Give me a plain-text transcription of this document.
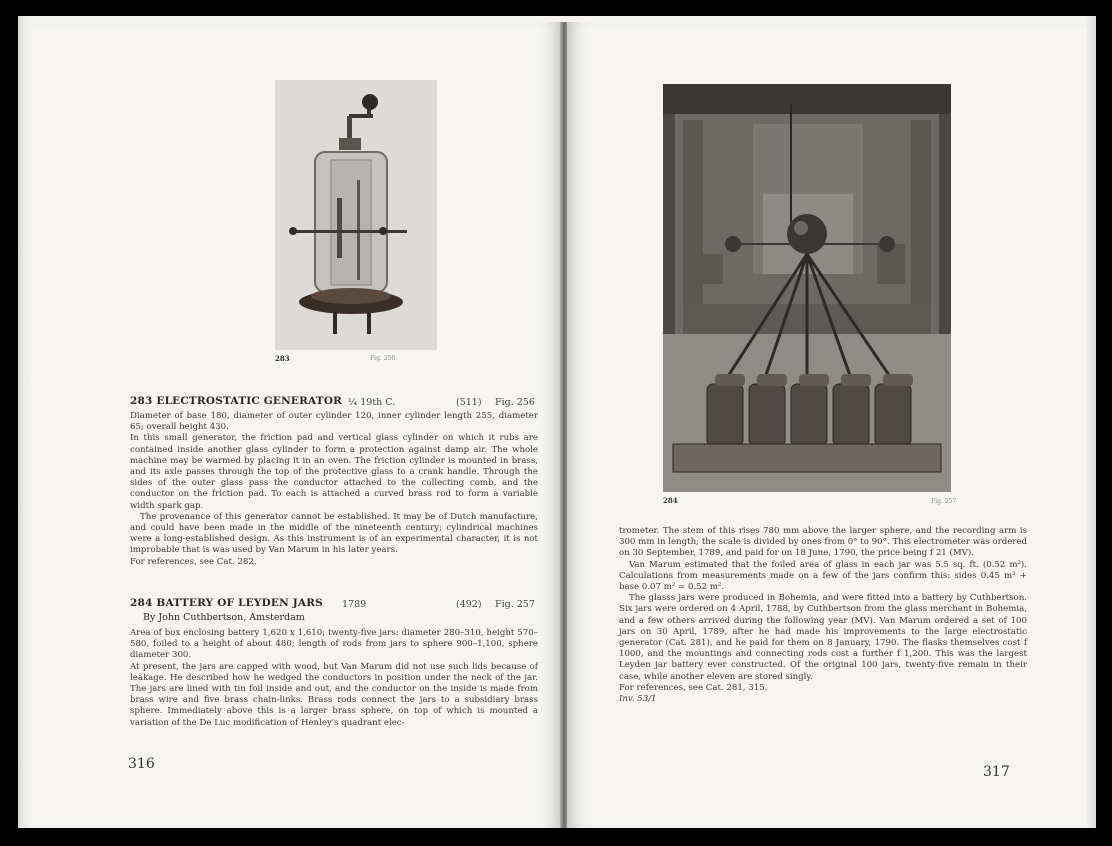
283	Fig. 256
283 ELECTROSTATIC GENERATOR ¼ 19th C.	(511) Fig. 256

Diameter of base 180, diameter of outer cylinder 120, inner cylinder length 255, diameter 65; overall height 430.

In this small generator, the friction pad and vertical glass cylinder on which it rubs are contained inside another glass cylinder to form a protection against damp air. The whole machine may be warmed by placing it in an oven. The friction cylinder is mounted in brass, and its axle passes through the top of the protective glass to a crank handle. Through the sides of the outer glass pass the conductor attached to the collecting comb, and the conductor on the friction pad. To each is attached a curved brass rod to form a variable width spark gap.

The provenance of this generator cannot be established. It may be of Dutch manufacture, and could have been made in the middle of the nineteenth century; cylindrical machines were a long-established design. As this instrument is of an experimental character, it is not improbable that is was used by Van Marum in his later years.

For references, see Cat. 282.

284 BATTERY OF LEYDEN JARS 1789	(492) Fig. 257
By John Cuthbertson, Amsterdam

Area of box enclosing battery 1,620 x 1,610; twenty-five jars: diameter 280–310, height 570–580, foiled to a height of about 480; length of rods from jars to sphere 900–1,100, sphere diameter 300.

At present, the jars are capped with wood, but Van Marum did not use such lids because of leakage. He described how he wedged the conductors in position under the neck of the jar. The jars are lined with tin foil inside and out, and the conductor on the inside is made from brass wire and five brass chain-links. Brass rods connect the jars to a subsidiary brass sphere. Immediately above this is a larger brass sphere, on top of which is mounted a variation of the De Luc modification of Henley's quadrant elec-

316
284	Fig. 257

trometer. The stem of this rises 780 mm above the larger sphere, and the recording arm is 300 mm in length; the scale is divided by ones from 0° to 90°. This electrometer was ordered on 30 September, 1789, and paid for on 18 June, 1790, the price being f 21 (MV).

Van Marum estimated that the foiled area of glass in each jar was 5.5 sq. ft. (0.52 m²). Calculations from measurements made on a few of the jars confirm this: sides 0.45 m² + base 0.07 m² = 0.52 m².

The glasss jars were produced in Bohemia, and were fitted into a battery by Cuthbertson. Six jars were ordered on 4 April, 1788, by Cuthbertson from the glass merchant in Bohemia, and a few others arrived during the following year (MV). Van Marum ordered a set of 100 jars on 30 April, 1789, after he had made his improvements to the large electrostatic generator (Cat. 281), and he paid for them on 8 January, 1790. The flasks themselves cost f 1000, and the mountings and connecting rods cost a further f 1,200. This was the largest Leyden jar battery ever constructed. Of the original 100 jars, twenty-five remain in their case, while another eleven are stored singly.

For references, see Cat. 281, 315.

Inv. 53/1

317
